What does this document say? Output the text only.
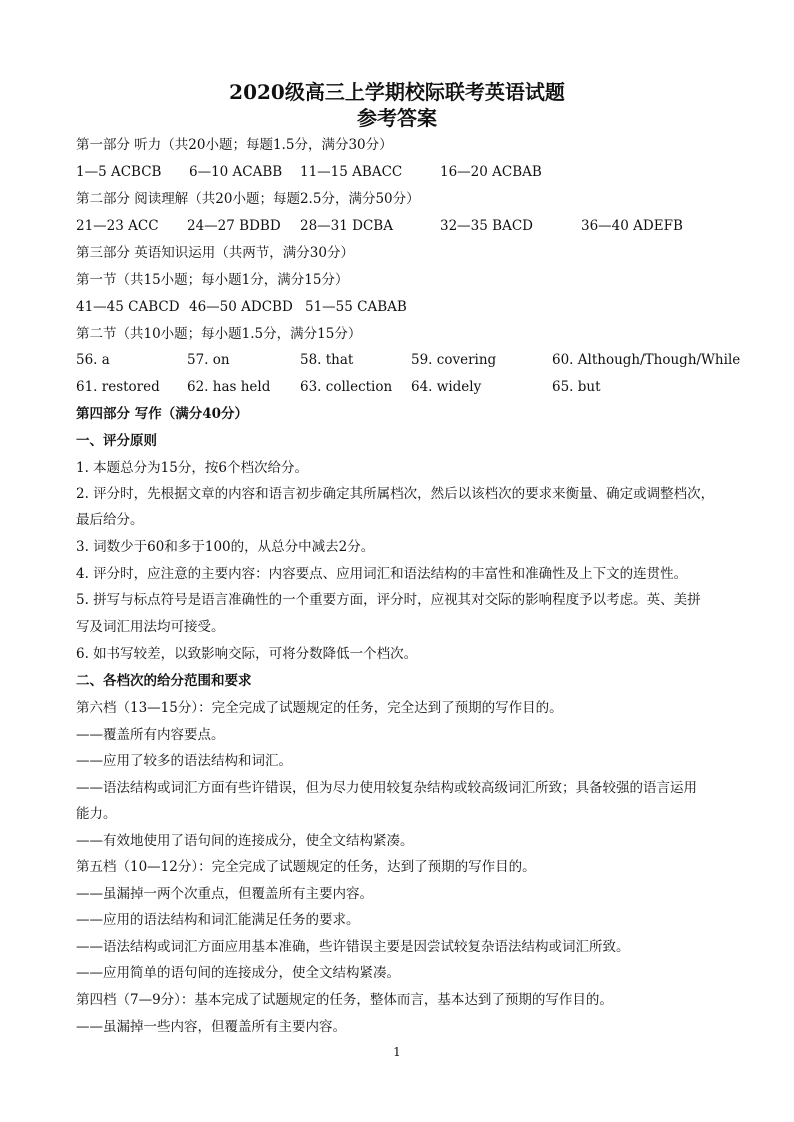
2020级高三上学期校际联考英语试题
参考答案
第一部分 听力（共20小题；每题1.5分，满分30分）
1—5 ACBCB 6—10 ACABB 11—15 ABACC	16—20 ACBAB
第二部分 阅读理解（共20小题；每题2.5分，满分50分）
21—23 ACC 24—27 BDBD 28—31 DCBA	32—35 BACD	36—40 ADEFB
第三部分 英语知识运用（共两节，满分30分）
第一节（共15小题；每小题1分，满分15分）
41—45 CABCD 46—50 ADCBD 51—55 CABAB
第二节（共10小题；每小题1.5分，满分15分）
56. a	57. on	58. that	59. covering	60. Although/Though/While
61. restored 62. has held 63. collection 64. widely	65. but
第四部分 写作（满分40分）
一、评分原则
1. 本题总分为15分，按6个档次给分。
2. 评分时，先根据文章的内容和语言初步确定其所属档次，然后以该档次的要求来衡量、确定或调整档次，
最后给分。
3. 词数少于60和多于100的，从总分中减去2分。
4. 评分时，应注意的主要内容：内容要点、应用词汇和语法结构的丰富性和准确性及上下文的连贯性。
5. 拼写与标点符号是语言准确性的一个重要方面，评分时，应视其对交际的影响程度予以考虑。英、美拼
写及词汇用法均可接受。
6. 如书写较差，以致影响交际，可将分数降低一个档次。
二、各档次的给分范围和要求
第六档（13—15分）：完全完成了试题规定的任务，完全达到了预期的写作目的。
——覆盖所有内容要点。
——应用了较多的语法结构和词汇。
——语法结构或词汇方面有些许错误，但为尽力使用较复杂结构或较高级词汇所致；具备较强的语言运用
能力。
——有效地使用了语句间的连接成分，使全文结构紧凑。
第五档（10—12分）：完全完成了试题规定的任务，达到了预期的写作目的。
——虽漏掉一两个次重点，但覆盖所有主要内容。
——应用的语法结构和词汇能满足任务的要求。
——语法结构或词汇方面应用基本准确，些许错误主要是因尝试较复杂语法结构或词汇所致。
——应用简单的语句间的连接成分，使全文结构紧凑。
第四档（7—9分）：基本完成了试题规定的任务，整体而言，基本达到了预期的写作目的。
——虽漏掉一些内容，但覆盖所有主要内容。
1
